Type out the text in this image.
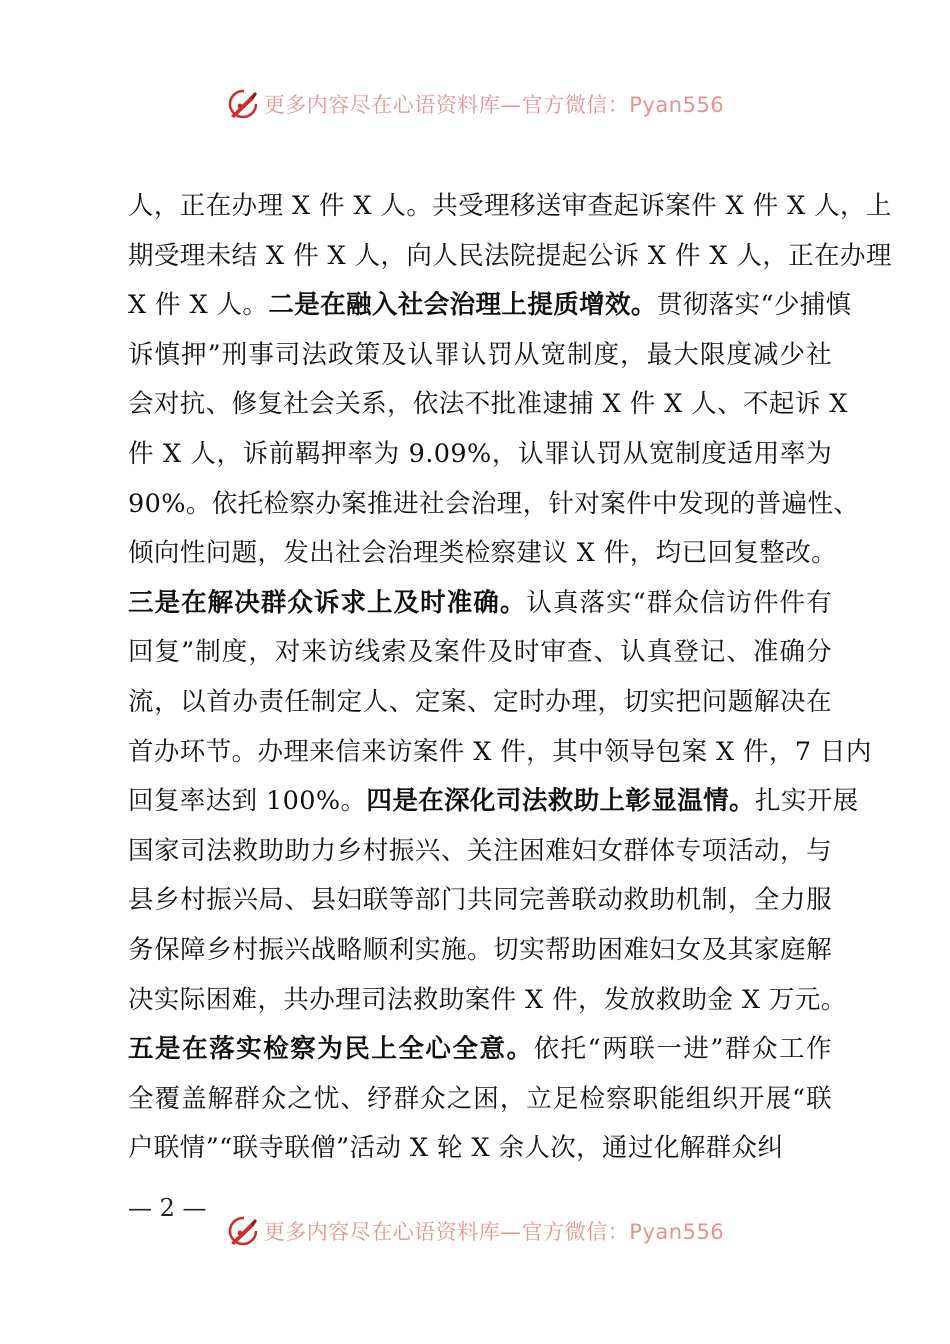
更多内容尽在心语资料库—官方微信：Pyan556
人，正在办理 X 件 X 人。共受理移送审查起诉案件 X 件 X 人，上
期受理未结 X 件 X 人，向人民法院提起公诉 X 件 X 人，正在办理
X 件 X 人。二是在融入社会治理上提质增效。贯彻落实“少捕慎
诉慎押”刑事司法政策及认罪认罚从宽制度，最大限度减少社
会对抗、修复社会关系，依法不批准逮捕 X 件 X 人、不起诉 X
件 X 人，诉前羁押率为 9.09%，认罪认罚从宽制度适用率为
90%。依托检察办案推进社会治理，针对案件中发现的普遍性、
倾向性问题，发出社会治理类检察建议 X 件，均已回复整改。
三是在解决群众诉求上及时准确。认真落实“群众信访件件有
回复”制度，对来访线索及案件及时审查、认真登记、准确分
流，以首办责任制定人、定案、定时办理，切实把问题解决在
首办环节。办理来信来访案件 X 件，其中领导包案 X 件，7 日内
回复率达到 100%。四是在深化司法救助上彰显温情。扎实开展
国家司法救助助力乡村振兴、关注困难妇女群体专项活动，与
县乡村振兴局、县妇联等部门共同完善联动救助机制，全力服
务保障乡村振兴战略顺利实施。切实帮助困难妇女及其家庭解
决实际困难，共办理司法救助案件 X 件，发放救助金 X 万元。
五是在落实检察为民上全心全意。依托“两联一进”群众工作
全覆盖解群众之忧、纾群众之困，立足检察职能组织开展“联
户联情”“联寺联僧”活动 X 轮 X 余人次，通过化解群众纠
— 2 —
更多内容尽在心语资料库—官方微信：Pyan556
